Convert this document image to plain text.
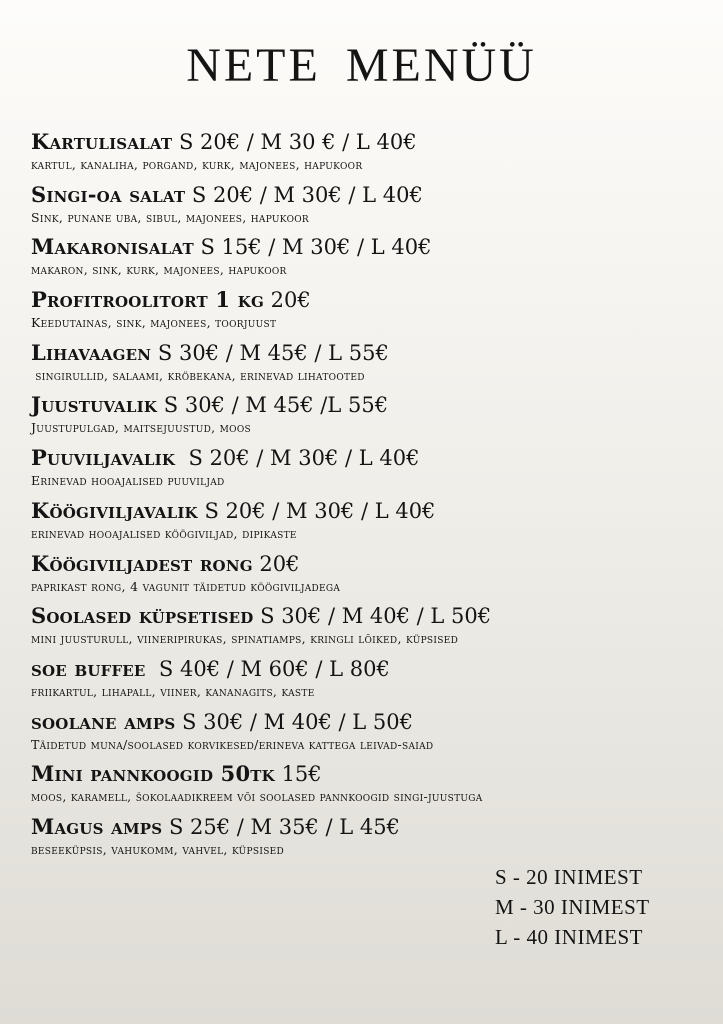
NETE MENÜÜ
Kartulisalat S 20€ / M 30 € / L 40€
kartul, kanaliha, porgand, kurk, majonees, hapukoor
Singi-oa salat S 20€ / M 30€ / L 40€
Sink, punane uba, sibul, majonees, hapukoor
Makaronisalat S 15€ / M 30€ / L 40€
makaron, sink, kurk, majonees, hapukoor
Profitroolitort 1 kg 20€
Keedutainas, sink, majonees, toorjuust
Lihavaagen S 30€ / M 45€ / L 55€
singirullid, salaami, kröbekana, erinevad lihatooted
Juustuvalik S 30€ / M 45€ /L 55€
Juustupulgad, maitsejuustud, moos
Puuviljavalik  S 20€ / M 30€ / L 40€
Erinevad hooajalised puuviljad
Köögiviljavalik S 20€ / M 30€ / L 40€
erinevad hooajalised köögiviljad, dipikaste
Köögiviljadest rong 20€
paprikast rong, 4 vagunit täidetud köögiviljadega
Soolased küpsetised S 30€ / M 40€ / L 50€
mini juusturull, viineripirukas, spinatiamps, kringli lõiked, küpsised
soe buffee  S 40€ / M 60€ / L 80€
friikartul, lihapall, viiner, kananagits, kaste
soolane amps S 30€ / M 40€ / L 50€
Täidetud muna/soolased korvikesed/erineva kattega leivad-saiad
Mini pannkoogid 50tk 15€
moos, karamell, šokolaadikreem või soolased pannkoogid singi-juustuga
Magus amps S 25€ / M 35€ / L 45€
beseeküpsis, vahukomm, vahvel, küpsised
S - 20 INIMEST
M - 30 INIMEST
L - 40 INIMEST
